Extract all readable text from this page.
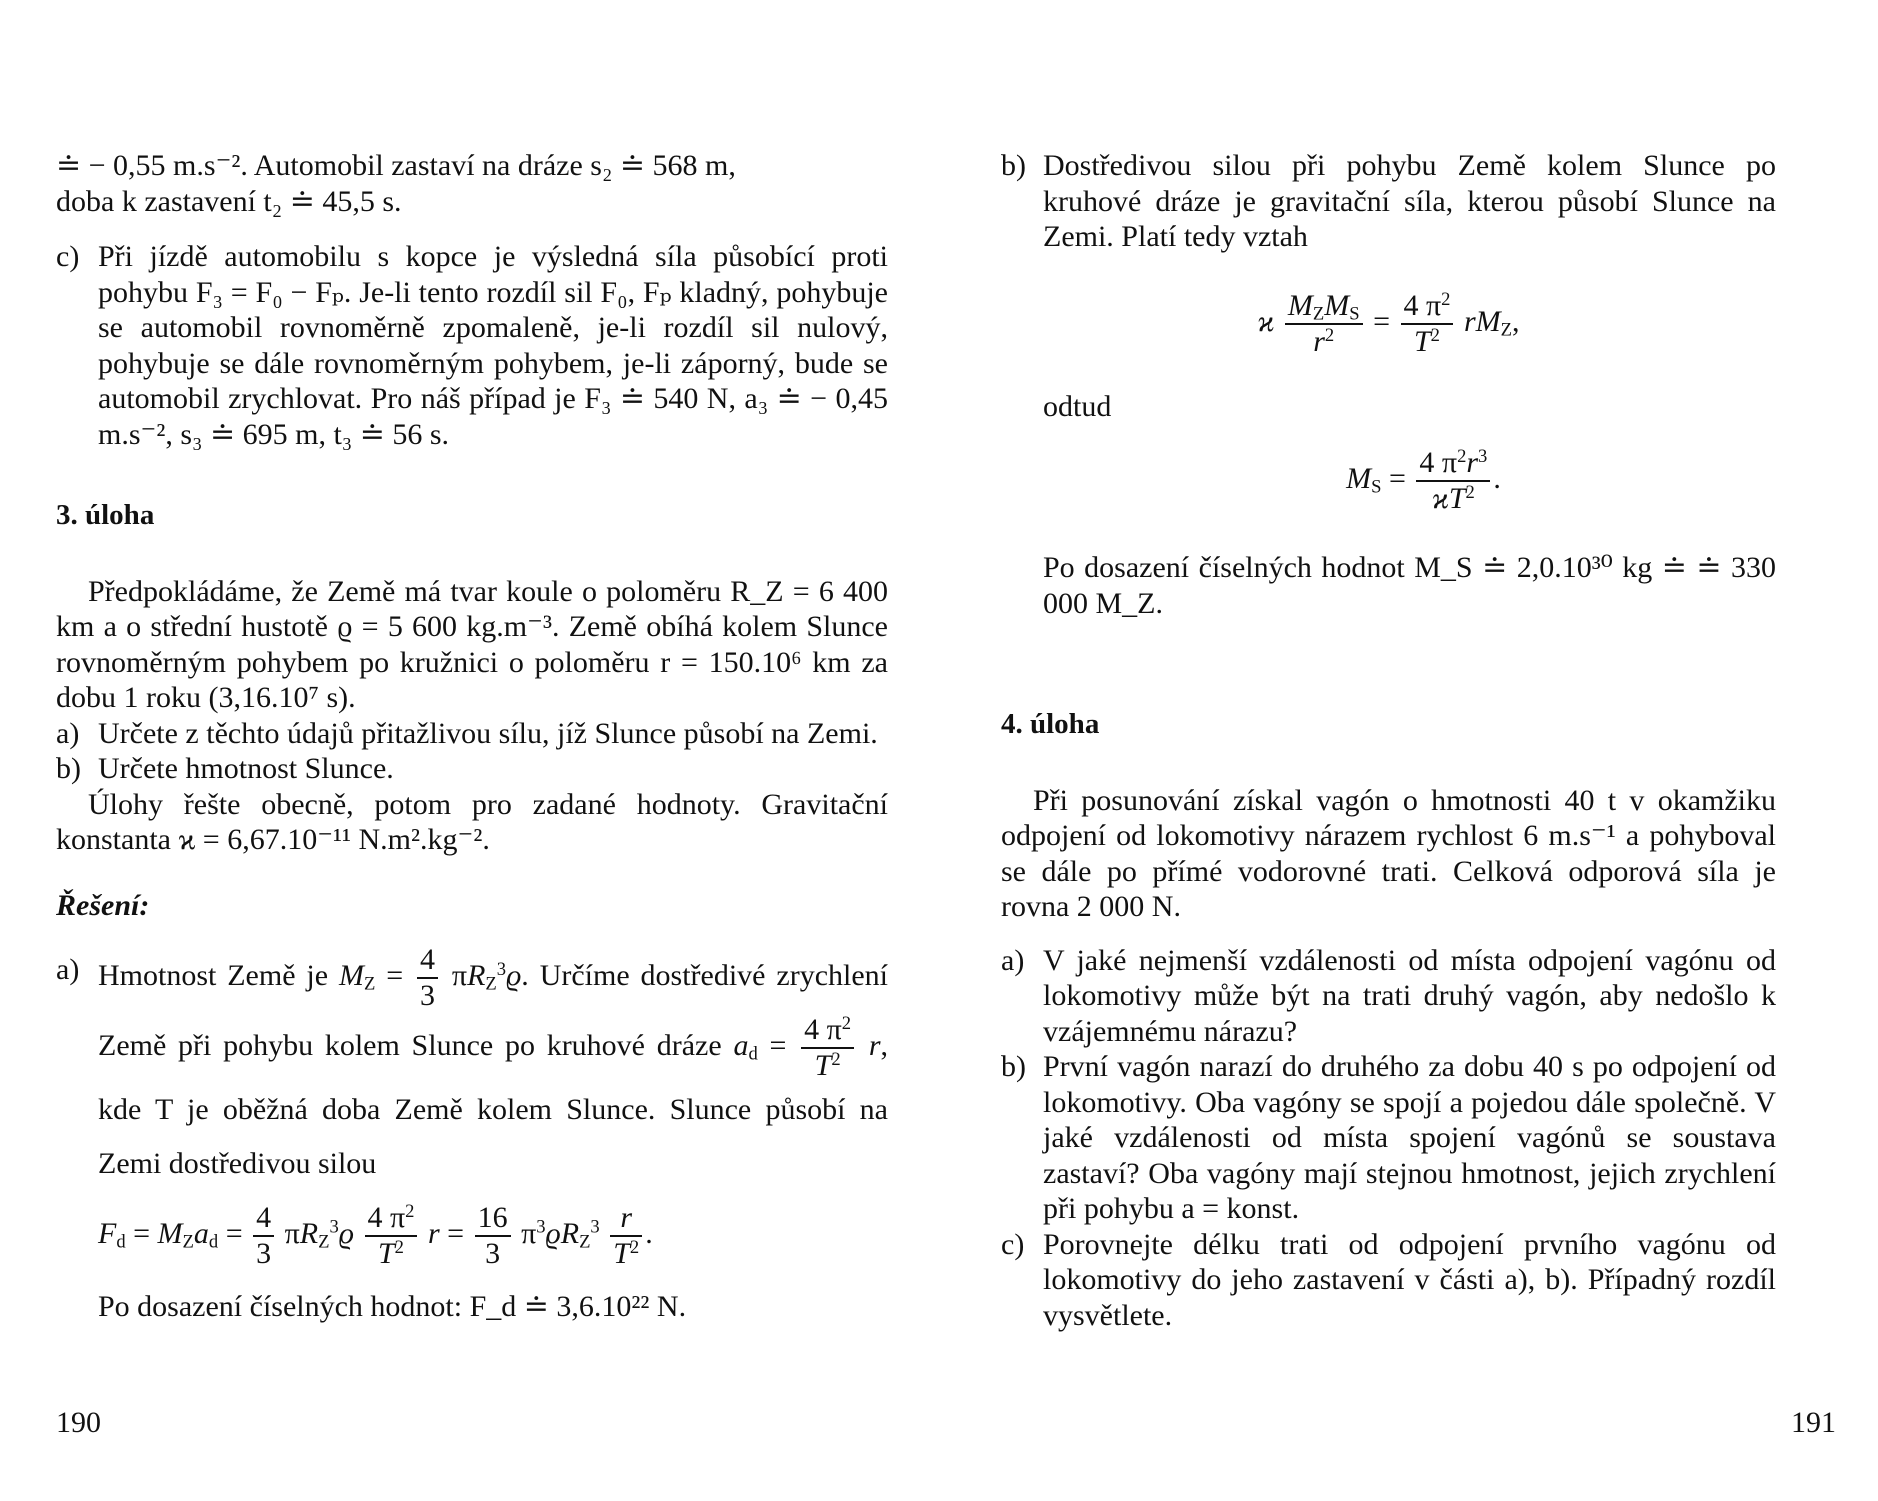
≐ − 0,55 m.s⁻². Automobil zastaví na dráze s₂ ≐ 568 m,

doba k zastavení t₂ ≐ 45,5 s.

c) Při jízdě automobilu s kopce je výsledná síla působící proti pohybu F₃ = F₀ − Fₚ. Je-li tento rozdíl sil F₀, Fₚ kladný, pohybuje se automobil rovnoměrně zpomaleně, je-li rozdíl sil nulový, pohybuje se dále rovnoměrným pohybem, je-li záporný, bude se automobil zrychlovat. Pro náš případ je F₃ ≐ 540 N, a₃ ≐ − 0,45 m.s⁻², s₃ ≐ 695 m, t₃ ≐ 56 s.

3. úloha

Předpokládáme, že Země má tvar koule o poloměru R_Z = 6 400 km a o střední hustotě ϱ = 5 600 kg.m⁻³. Země obíhá kolem Slunce rovnoměrným pohybem po kružnici o poloměru r = 150.10⁶ km za dobu 1 roku (3,16.10⁷ s).

a) Určete z těchto údajů přitažlivou sílu, jíž Slunce působí na Zemi.
b) Určete hmotnost Slunce.

Úlohy řešte obecně, potom pro zadané hodnoty. Gravitační konstanta ϰ = 6,67.10⁻¹¹ N.m².kg⁻².

Řešení:

a) Hmotnost Země je $M_Z = \frac{4}{3} \pi R_Z^3ϱ$. Určíme dostředivé zrychlení Země při pohybu kolem Slunce po kruhové dráze $a_d = \frac{4 \pi^2}{T^2} r$, kde T je oběžná doba Země kolem Slunce. Slunce působí na Zemi dostředivou silou
$F_d = M_Za_d = \frac{4}{3} \pi R_Z^3ϱ \frac{4 \pi^2}{T^2}$ $r = \frac{16}{3} \pi^3ϱR_Z^3 \frac{r}{T^2}$ .

Po dosazení číselných hodnot: F_d ≐ 3,6.10²² N.

190
b) Dostředivou silou při pohybu Země kolem Slunce po kruhové dráze je gravitační síla, kterou působí Slunce na Zemi. Platí tedy vztah
ϰ $\frac{M_ZM_S}{r^2} = \frac{4 \pi^2}{T^2} rM_Z$,

odtud

$M_S = \frac{4 \pi^2r^3}{ϰT^2}$ .

Po dosazení číselných hodnot M_S ≐ 2,0.10³⁰ kg ≐ ≐ 330 000 M_Z.

4. úloha

Při posunování získal vagón o hmotnosti 40 t v okamžiku odpojení od lokomotivy nárazem rychlost 6 m.s⁻¹ a pohyboval se dále po přímé vodorovné trati. Celková odporová síla je rovna 2 000 N.

a) V jaké nejmenší vzdálenosti od místa odpojení vagónu od lokomotivy může být na trati druhý vagón, aby nedošlo k vzájemnému nárazu?
b) První vagón narazí do druhého za dobu 40 s po odpojení od lokomotivy. Oba vagóny se spojí a pojedou dále společně. V jaké vzdálenosti od místa spojení vagónů se soustava zastaví? Oba vagóny mají stejnou hmotnost, jejich zrychlení při pohybu a = konst.
c) Porovnejte délku trati od odpojení prvního vagónu od lokomotivy do jeho zastavení v části a), b). Případný rozdíl vysvětlete.
191
